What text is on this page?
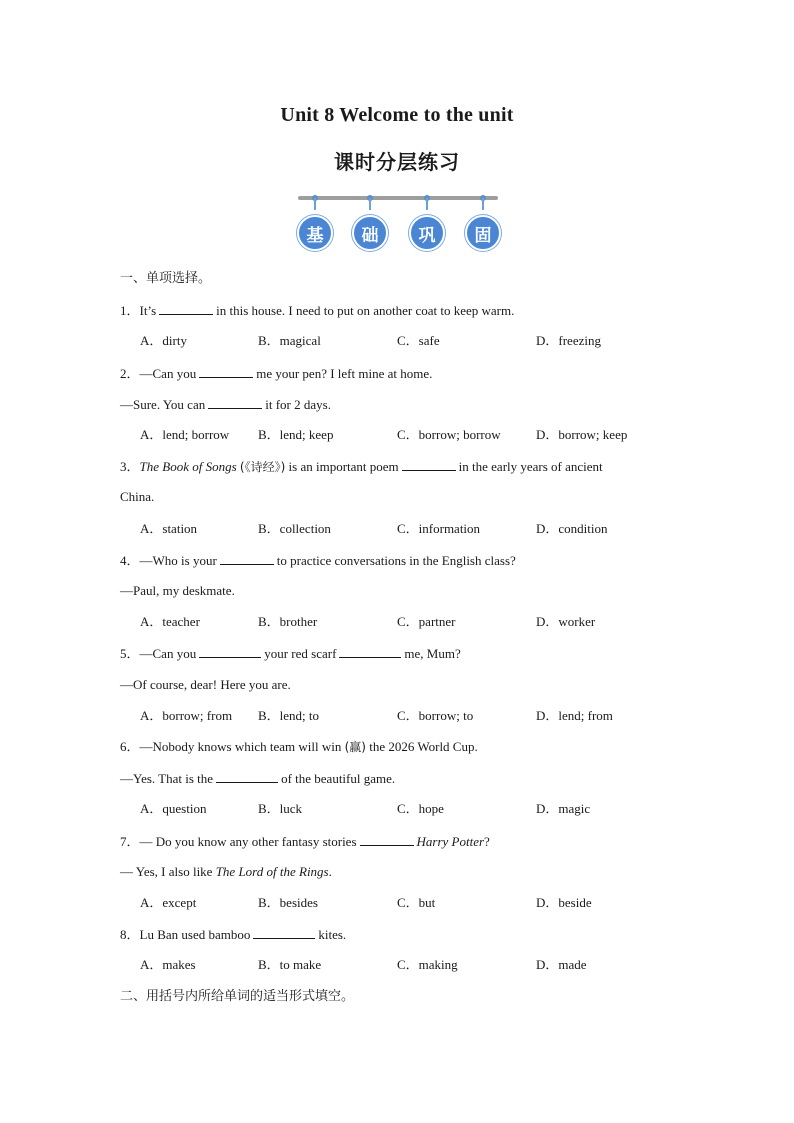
Unit 8 Welcome to the unit
课时分层练习
基	础	巩	固
一、单项选择。
1．It’s	in this house. I need to put on another coat to keep warm.
A．dirty	B．magical	C．safe	D．freezing
2．—Can you	me your pen? I left mine at home.
—Sure. You can	it for 2 days.
A．lend; borrow B．lend; keep	C．borrow; borrow	D．borrow; keep
3．The Book of Songs (《诗经》) is an important poem	in the early years of ancient
China.
A．station	B．collection	C．information	D．condition
4．—Who is your	to practice conversations in the English class?
—Paul, my deskmate.
A．teacher	B．brother	C．partner	D．worker
5．—Can you	your red scarf	me, Mum?
—Of course, dear! Here you are.
A．borrow; from B．lend; to	C．borrow; to	D．lend; from
6．—Nobody knows which team will win (赢) the 2026 World Cup.
—Yes. That is the	of the beautiful game.
A．question	B．luck	C．hope	D．magic
7．— Do you know any other fantasy stories	Harry Potter?
— Yes, I also like The Lord of the Rings.
A．except	B．besides	C．but	D．beside
8．Lu Ban used bamboo	kites.
A．makes	B．to make	C．making	D．made
二、用括号内所给单词的适当形式填空。
